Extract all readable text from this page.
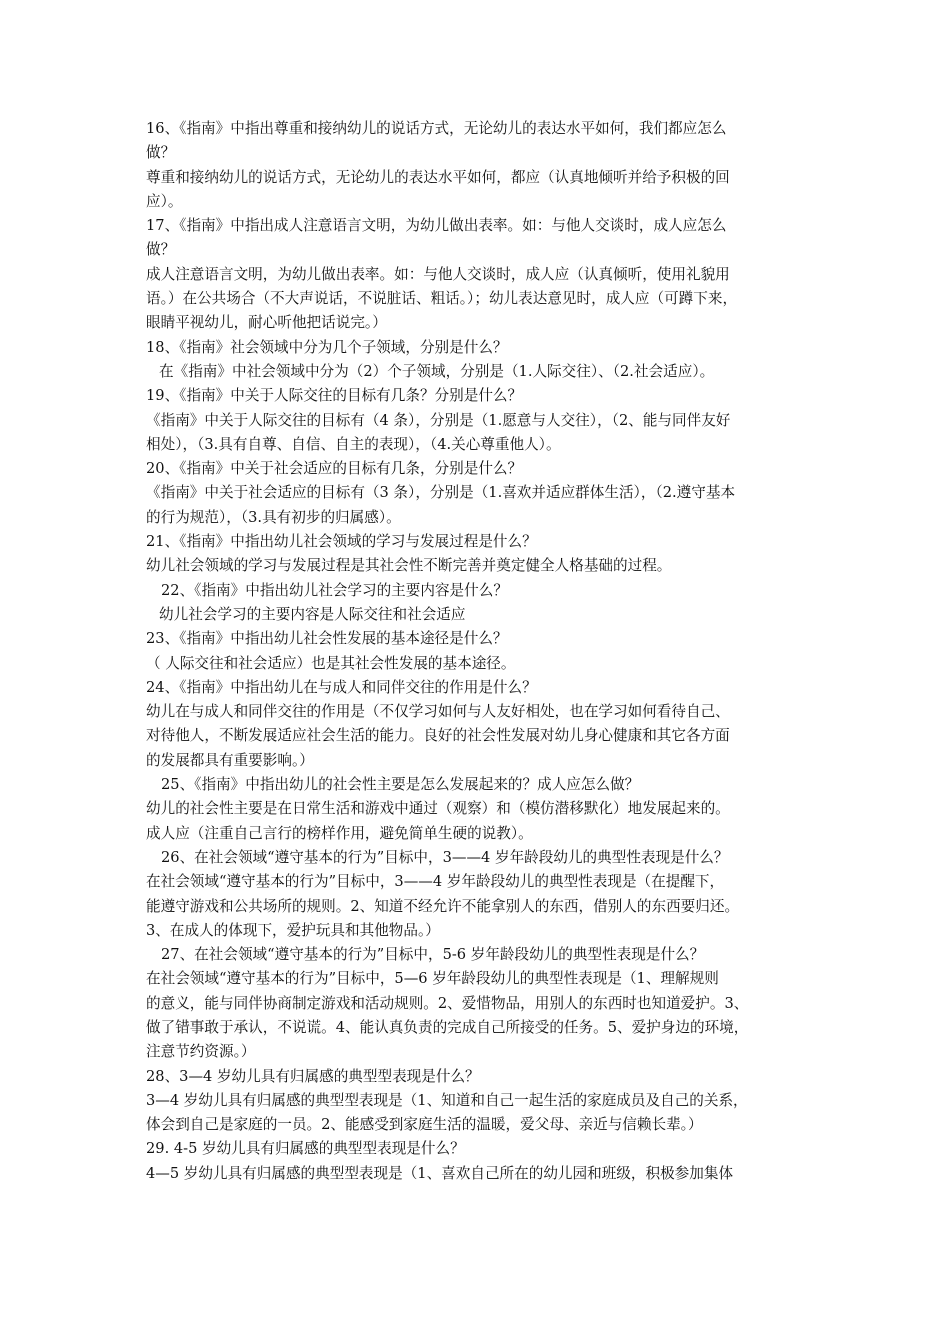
16、《指南》中指出尊重和接纳幼儿的说话方式，无论幼儿的表达水平如何，我们都应怎么
做？
尊重和接纳幼儿的说话方式，无论幼儿的表达水平如何，都应（认真地倾听并给予积极的回
应）。
17、《指南》中指出成人注意语言文明，为幼儿做出表率。如：与他人交谈时，成人应怎么
做？
成人注意语言文明，为幼儿做出表率。如：与他人交谈时，成人应（认真倾听，使用礼貌用
语。）在公共场合（不大声说话，不说脏话、粗话。）；幼儿表达意见时，成人应（可蹲下来，
眼睛平视幼儿，耐心听他把话说完。）
18、《指南》社会领域中分为几个子领域，分别是什么？
在《指南》中社会领域中分为（2）个子领域，分别是（1.人际交往）、（2.社会适应）。
19、《指南》中关于人际交往的目标有几条？分别是什么？
《指南》中关于人际交往的目标有（4 条），分别是（1.愿意与人交往），（2、能与同伴友好
相处），（3.具有自尊、自信、自主的表现），（4.关心尊重他人）。
20、《指南》中关于社会适应的目标有几条，分别是什么？
《指南》中关于社会适应的目标有（3 条），分别是（1.喜欢并适应群体生活），（2.遵守基本
的行为规范），（3.具有初步的归属感）。
21、《指南》中指出幼儿社会领域的学习与发展过程是什么？
幼儿社会领域的学习与发展过程是其社会性不断完善并奠定健全人格基础的过程。
22、《指南》中指出幼儿社会学习的主要内容是什么？
幼儿社会学习的主要内容是人际交往和社会适应
23、《指南》中指出幼儿社会性发展的基本途径是什么？
（ 人际交往和社会适应）也是其社会性发展的基本途径。
24、《指南》中指出幼儿在与成人和同伴交往的作用是什么？
幼儿在与成人和同伴交往的作用是（不仅学习如何与人友好相处，也在学习如何看待自己、
对待他人，不断发展适应社会生活的能力。良好的社会性发展对幼儿身心健康和其它各方面
的发展都具有重要影响。）
25、《指南》中指出幼儿的社会性主要是怎么发展起来的？成人应怎么做？
幼儿的社会性主要是在日常生活和游戏中通过（观察）和（模仿潜移默化）地发展起来的。
成人应（注重自己言行的榜样作用，避免简单生硬的说教）。
26、在社会领域“遵守基本的行为”目标中，3——4 岁年龄段幼儿的典型性表现是什么？
在社会领域“遵守基本的行为”目标中，3——4 岁年龄段幼儿的典型性表现是（在提醒下，
能遵守游戏和公共场所的规则。2、知道不经允许不能拿别人的东西，借别人的东西要归还。
3、在成人的体现下，爱护玩具和其他物品。）
27、在社会领域“遵守基本的行为”目标中，5-6 岁年龄段幼儿的典型性表现是什么？
在社会领域“遵守基本的行为”目标中，5—6 岁年龄段幼儿的典型性表现是（1、理解规则
的意义，能与同伴协商制定游戏和活动规则。2、爱惜物品，用别人的东西时也知道爱护。3、
做了错事敢于承认，不说谎。4、能认真负责的完成自己所接受的任务。5、爱护身边的环境，
注意节约资源。）
28、3—4 岁幼儿具有归属感的典型型表现是什么？
3—4 岁幼儿具有归属感的典型型表现是（1、知道和自己一起生活的家庭成员及自己的关系，
体会到自己是家庭的一员。2、能感受到家庭生活的温暖，爱父母、亲近与信赖长辈。）
29. 4-5 岁幼儿具有归属感的典型型表现是什么？
4—5 岁幼儿具有归属感的典型型表现是（1、喜欢自己所在的幼儿园和班级，积极参加集体
